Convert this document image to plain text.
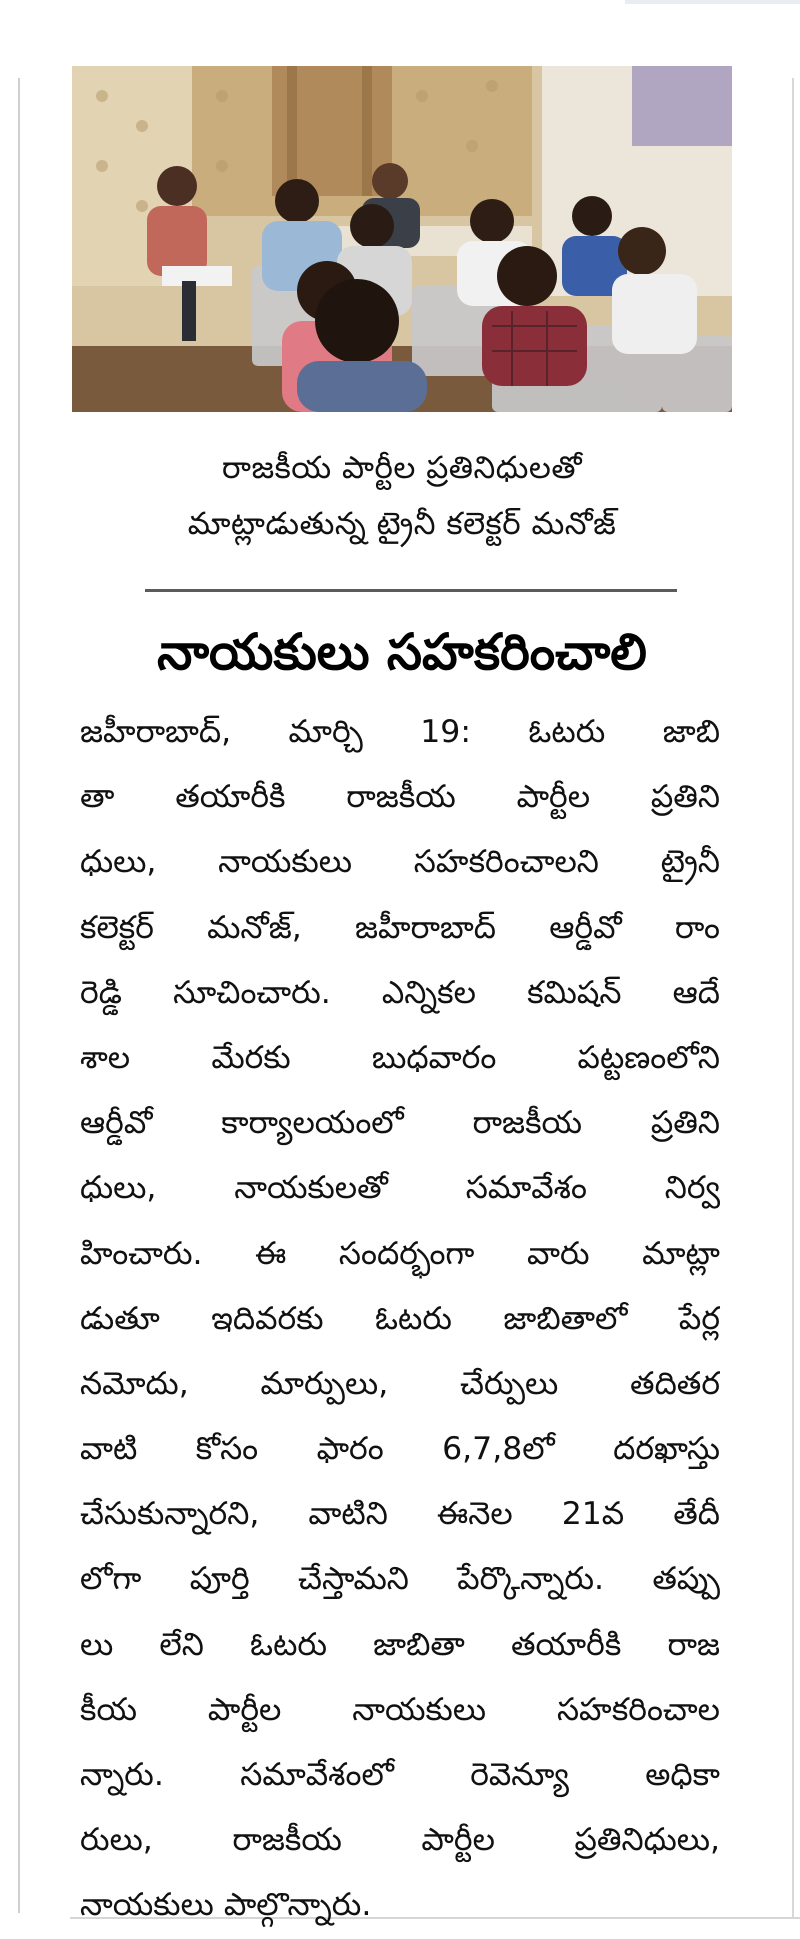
రాజకీయ పార్టీల ప్రతినిధులతో
మాట్లాడుతున్న ట్రైనీ కలెక్టర్ మనోజ్
నాయకులు సహకరించాలి
జహీరాబాద్, మార్చి 19: ఓటరు జాబి
తా తయారీకి రాజకీయ పార్టీల ప్రతిని
ధులు, నాయకులు సహకరించాలని ట్రైనీ
కలెక్టర్ మనోజ్, జహీరాబాద్ ఆర్డీవో రాం
రెడ్డి సూచించారు. ఎన్నికల కమిషన్ ఆదే
శాల మేరకు బుధవారం పట్టణంలోని
ఆర్డీవో కార్యాలయంలో రాజకీయ ప్రతిని
ధులు, నాయకులతో సమావేశం నిర్వ
హించారు. ఈ సందర్భంగా వారు మాట్లా
డుతూ ఇదివరకు ఓటరు జాబితాలో పేర్ల
నమోదు, మార్పులు, చేర్పులు తదితర
వాటి కోసం ఫారం 6,7,8లో దరఖాస్తు
చేసుకున్నారని, వాటిని ఈనెల 21వ తేదీ
లోగా పూర్తి చేస్తామని పేర్కొన్నారు. తప్పు
లు లేని ఓటరు జాబితా తయారీకి రాజ
కీయ పార్టీల నాయకులు సహకరించాల
న్నారు. సమావేశంలో రెవెన్యూ అధికా
రులు, రాజకీయ పార్టీల ప్రతినిధులు,
నాయకులు పాల్గొన్నారు.
